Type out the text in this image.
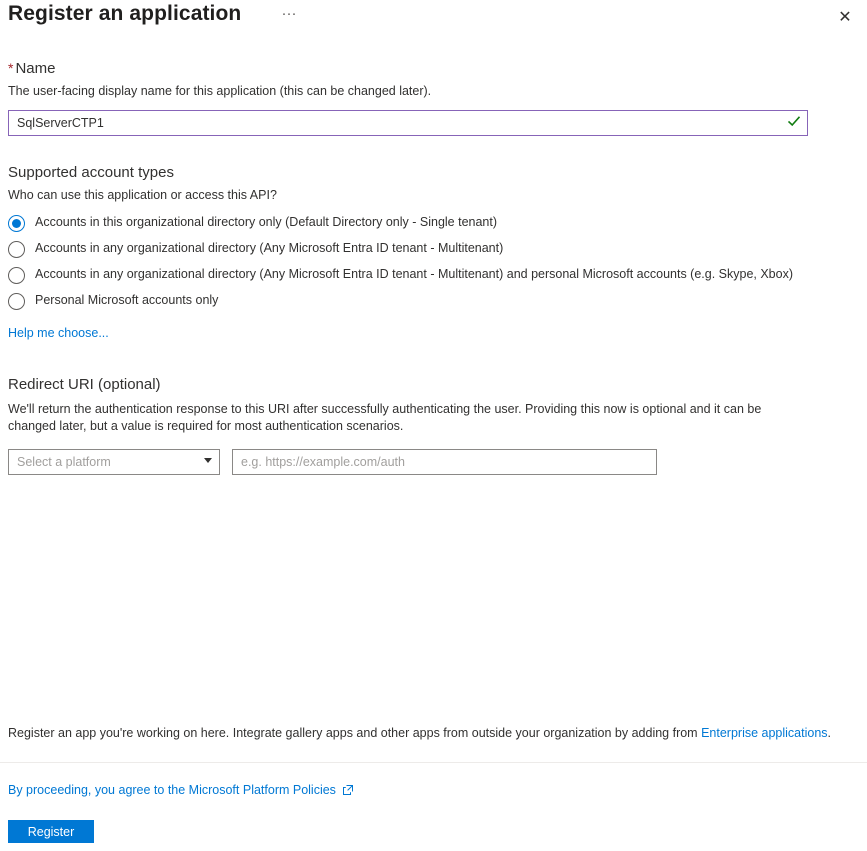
Register an application	···	✕
* Name
The user-facing display name for this application (this can be changed later).
SqlServerCTP1
Supported account types
Who can use this application or access this API?
Accounts in this organizational directory only (Default Directory only - Single tenant)
Accounts in any organizational directory (Any Microsoft Entra ID tenant - Multitenant)
Accounts in any organizational directory (Any Microsoft Entra ID tenant - Multitenant) and personal Microsoft accounts (e.g. Skype, Xbox)
Personal Microsoft accounts only
Help me choose...
Redirect URI (optional)
We'll return the authentication response to this URI after successfully authenticating the user. Providing this now is optional and it can be changed later, but a value is required for most authentication scenarios.
Select a platform
e.g. https://example.com/auth
Register an app you're working on here. Integrate gallery apps and other apps from outside your organization by adding from Enterprise applications.
By proceeding, you agree to the Microsoft Platform Policies
Register
